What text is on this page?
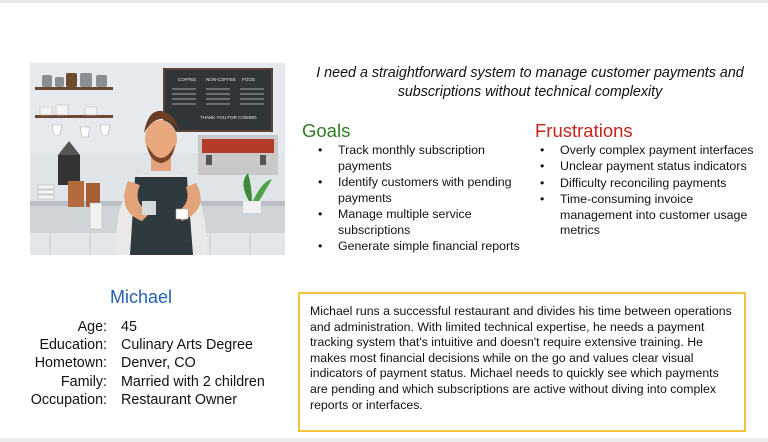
COFFEE NON-COFFEE FOOD
THANK YOU FOR COMING
I need a straightforward system to manage customer payments and subscriptions without technical complexity
Goals
• Track monthly subscription payments
• Identify customers with pending payments
• Manage multiple service subscriptions
• Generate simple financial reports
Frustrations
• Overly complex payment interfaces
• Unclear payment status indicators
• Difficulty reconciling payments
• Time-consuming invoice management into customer usage metrics
Michael
Age: 45
Education: Culinary Arts Degree
Hometown: Denver, CO
Family: Married with 2 children
Occupation: Restaurant Owner
Michael runs a successful restaurant and divides his time between operations and administration. With limited technical expertise, he needs a payment tracking system that's intuitive and doesn't require extensive training. He makes most financial decisions while on the go and values clear visual indicators of payment status. Michael needs to quickly see which payments are pending and which subscriptions are active without diving into complex reports or interfaces.
